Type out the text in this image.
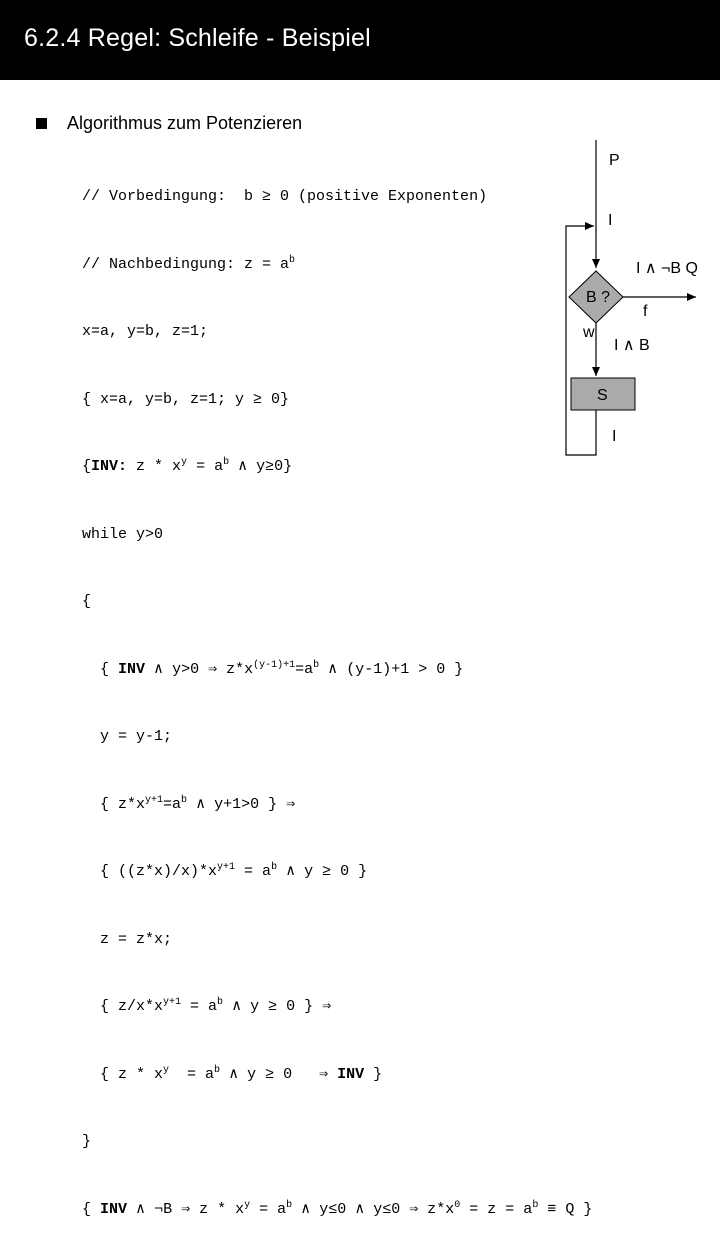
6.2.4 Regel: Schleife - Beispiel
Algorithmus zum Potenzieren

// Vorbedingung:  b ≥ 0 (positive Exponenten)

// Nachbedingung: $z = a^b$

x=a, y=b, z=1;

{ x=a, y=b, z=1; y ≥ 0}

{INV: $z * x^y = a^b$ ∧ y≥0}

while y>0

{

{ INV ∧ y>0 ⇒ $z*x^{(y-1)+1}=a^b$ ∧ (y-1)+1 > 0 }

y = y-1;

{ $z*x^{y+1}=a^b$ ∧ y+1>0 } ⇒

{ $((z*x)/x)*x^{y+1} = a^b$ ∧ y ≥ 0 }

z = z*x;

{ $z/x*x^{y+1} = a^b$ ∧ y ≥ 0 } ⇒

{ $z * x^y = a^b$ ∧ y ≥ 0   ⇒ INV }

}

{ INV ∧ ¬B ⇒ $z * x^y = a^b$ ∧ y≤0 ∧ y≤0 ⇒ $z*x^0 = z = a^b \equiv Q$ }

P
I
I ∧ ¬B Q
B ?
f
w
I ∧ B
S
I
